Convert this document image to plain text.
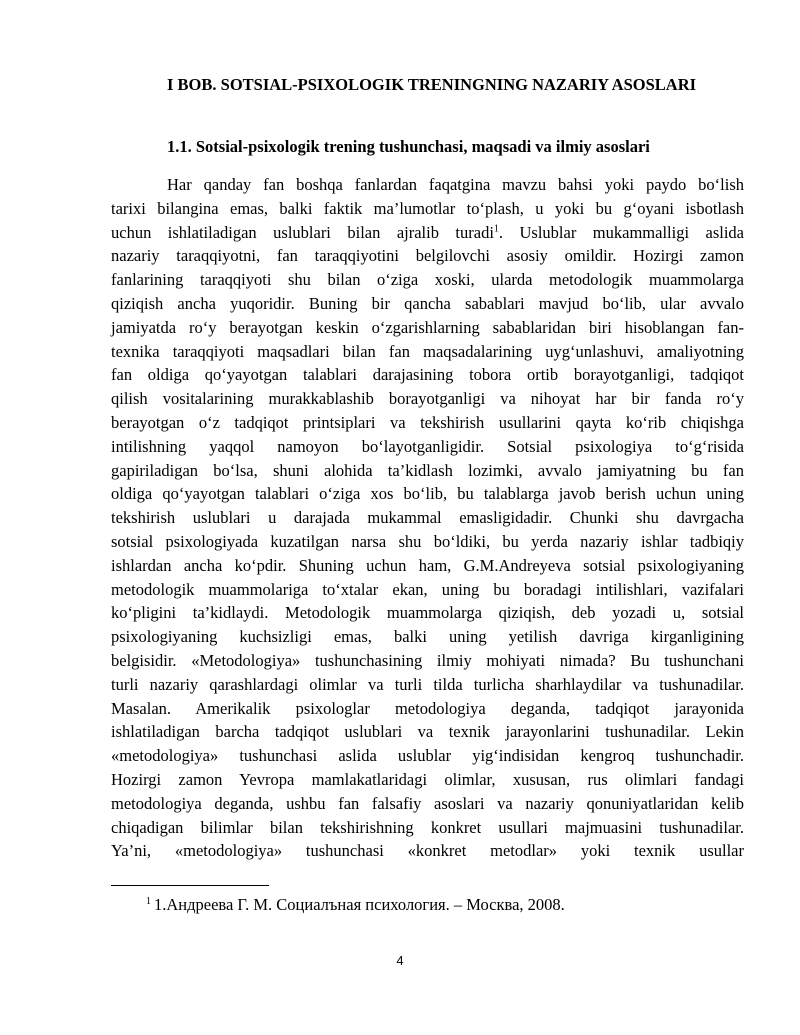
I BOB. SOTSIAL-PSIXOLOGIK TRENINGNING NAZARIY ASOSLARI

1.1. Sotsial-psixologik trening tushunchasi, maqsadi va ilmiy asoslari

Har qanday fan boshqa fanlardan faqatgina mavzu bahsi yoki paydo bo‘lish
tarixi bilangina emas, balki faktik ma’lumotlar to‘plash, u yoki bu g‘oyani isbotlash
uchun ishlatiladigan uslublari bilan ajralib turadi$^1$. Uslublar mukammalligi aslida
nazariy taraqqiyotni, fan taraqqiyotini belgilovchi asosiy omildir. Hozirgi zamon
fanlarining taraqqiyoti shu bilan o‘ziga xoski, ularda metodologik muammolarga
qiziqish ancha yuqoridir. Buning bir qancha sabablari mavjud bo‘lib, ular avvalo
jamiyatda ro‘y berayotgan keskin o‘zgarishlarning sabablaridan biri hisoblangan fan-
texnika taraqqiyoti maqsadlari bilan fan maqsadalarining uyg‘unlashuvi, amaliyotning
fan oldiga qo‘yayotgan talablari darajasining tobora ortib borayotganligi, tadqiqot
qilish vositalarining murakkablashib borayotganligi va nihoyat har bir fanda ro‘y
berayotgan o‘z tadqiqot printsiplari va tekshirish usullarini qayta ko‘rib chiqishga
intilishning yaqqol namoyon bo‘layotganligidir. Sotsial psixologiya to‘g‘risida
gapiriladigan bo‘lsa, shuni alohida ta’kidlash lozimki, avvalo jamiyatning bu fan
oldiga qo‘yayotgan talablari o‘ziga xos bo‘lib, bu talablarga javob berish uchun uning
tekshirish uslublari u darajada mukammal emasligidadir. Chunki shu davrgacha
sotsial psixologiyada kuzatilgan narsa shu bo‘ldiki, bu yerda nazariy ishlar tadbiqiy
ishlardan ancha ko‘pdir. Shuning uchun ham, G.M.Andreyeva sotsial psixologiyaning
metodologik muammolariga to‘xtalar ekan, uning bu boradagi intilishlari, vazifalari
ko‘pligini ta’kidlaydi. Metodologik muammolarga qiziqish, deb yozadi u, sotsial
psixologiyaning kuchsizligi emas, balki uning yetilish davriga kirganligining
belgisidir. «Metodologiya» tushunchasining ilmiy mohiyati nimada? Bu tushunchani
turli nazariy qarashlardagi olimlar va turli tilda turlicha sharhlaydilar va tushunadilar.
Masalan. Amerikalik psixologlar metodologiya deganda, tadqiqot jarayonida
ishlatiladigan barcha tadqiqot uslublari va texnik jarayonlarini tushunadilar. Lekin
«metodologiya» tushunchasi aslida uslublar yig‘indisidan kengroq tushunchadir.
Hozirgi zamon Yevropa mamlakatlaridagi olimlar, xususan, rus olimlari fandagi
metodologiya deganda, ushbu fan falsafiy asoslari va nazariy qonuniyatlaridan kelib
chiqadigan bilimlar bilan tekshirishning konkret usullari majmuasini tushunadilar.
Ya’ni, «metodologiya» tushunchasi «konkret metodlar» yoki texnik usullar
$^1$ 1.Андреева Г. М. Социалъная психология. – Москва, 2008.
4
